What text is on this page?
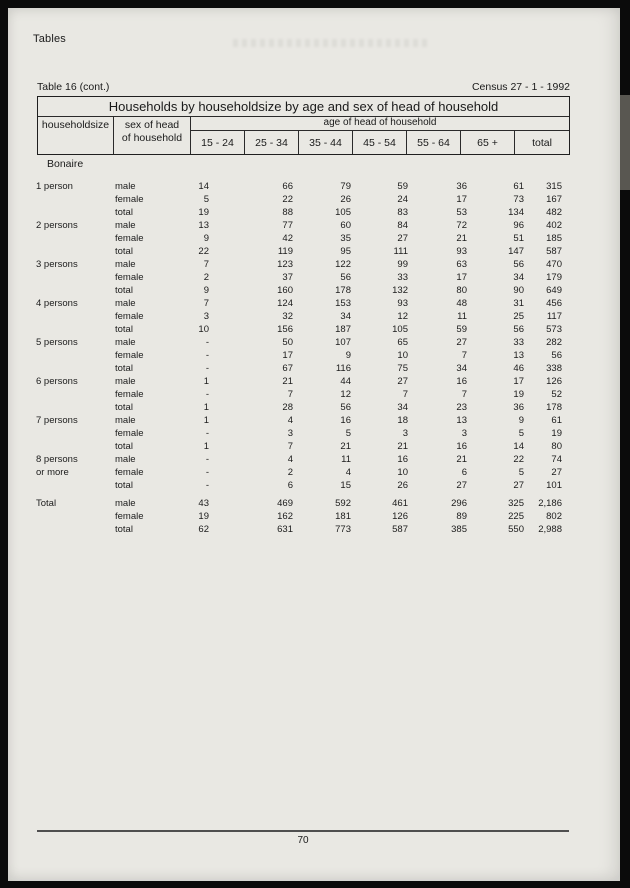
Tables
Table 16 (cont.)	Census 27 - 1 - 1992
Households by householdsize by age and sex of head of household
householdsize	sex of head
of household
age of head of household
15 - 24	25 - 34	35 - 44	45 - 54	55 - 64	65 +	total
Bonaire
1 person	male	14	66	79	59	36	61	315
female	5	22	26	24	17	73	167
total	19	88	105	83	53	134	482
2 persons	male	13	77	60	84	72	96	402
female	9	42	35	27	21	51	185
total	22	119	95	111	93	147	587
3 persons	male	7	123	122	99	63	56	470
female	2	37	56	33	17	34	179
total	9	160	178	132	80	90	649
4 persons	male	7	124	153	93	48	31	456
female	3	32	34	12	11	25	117
total	10	156	187	105	59	56	573
5 persons	male	-	50	107	65	27	33	282
female	-	17	9	10	7	13	56
total	-	67	116	75	34	46	338
6 persons	male	1	21	44	27	16	17	126
female	-	7	12	7	7	19	52
total	1	28	56	34	23	36	178
7 persons	male	1	4	16	18	13	9	61
female	-	3	5	3	3	5	19
total	1	7	21	21	16	14	80
8 persons	male	-	4	11	16	21	22	74
or more	female	-	2	4	10	6	5	27
total	-	6	15	26	27	27	101
Total	male	43	469	592	461	296	325	2,186
female	19	162	181	126	89	225	802
total	62	631	773	587	385	550	2,988
70
